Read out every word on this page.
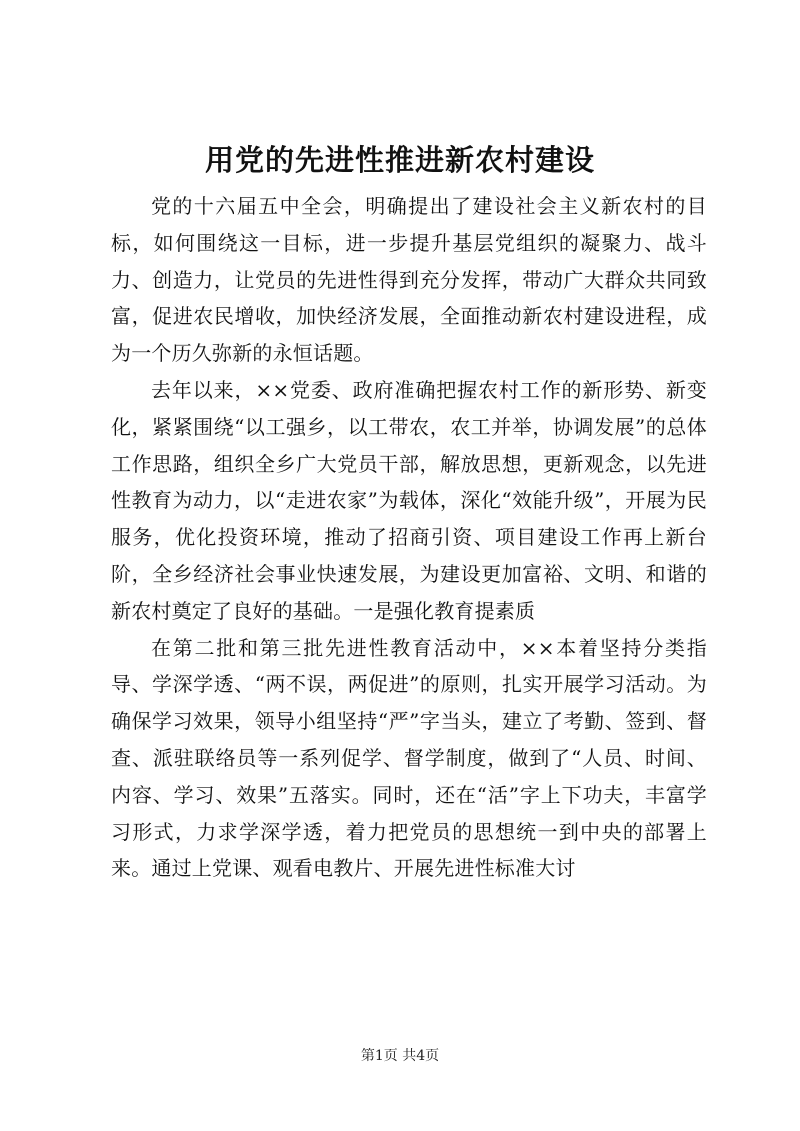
用党的先进性推进新农村建设

党的十六届五中全会，明确提出了建设社会主义新农村的目标，如何围绕这一目标，进一步提升基层党组织的凝聚力、战斗力、创造力，让党员的先进性得到充分发挥，带动广大群众共同致富，促进农民增收，加快经济发展，全面推动新农村建设进程，成为一个历久弥新的永恒话题。

去年以来，××党委、政府准确把握农村工作的新形势、新变化，紧紧围绕“以工强乡，以工带农，农工并举，协调发展”的总体工作思路，组织全乡广大党员干部，解放思想，更新观念，以先进性教育为动力，以“走进农家”为载体，深化“效能升级”，开展为民服务，优化投资环境，推动了招商引资、项目建设工作再上新台阶，全乡经济社会事业快速发展，为建设更加富裕、文明、和谐的新农村奠定了良好的基础。一是强化教育提素质

在第二批和第三批先进性教育活动中，××本着坚持分类指导、学深学透、“两不误，两促进”的原则，扎实开展学习活动。为确保学习效果，领导小组坚持“严”字当头，建立了考勤、签到、督查、派驻联络员等一系列促学、督学制度，做到了“人员、时间、内容、学习、效果”五落实。同时，还在“活”字上下功夫，丰富学习形式，力求学深学透，着力把党员的思想统一到中央的部署上来。通过上党课、观看电教片、开展先进性标准大讨

第1页 共4页
